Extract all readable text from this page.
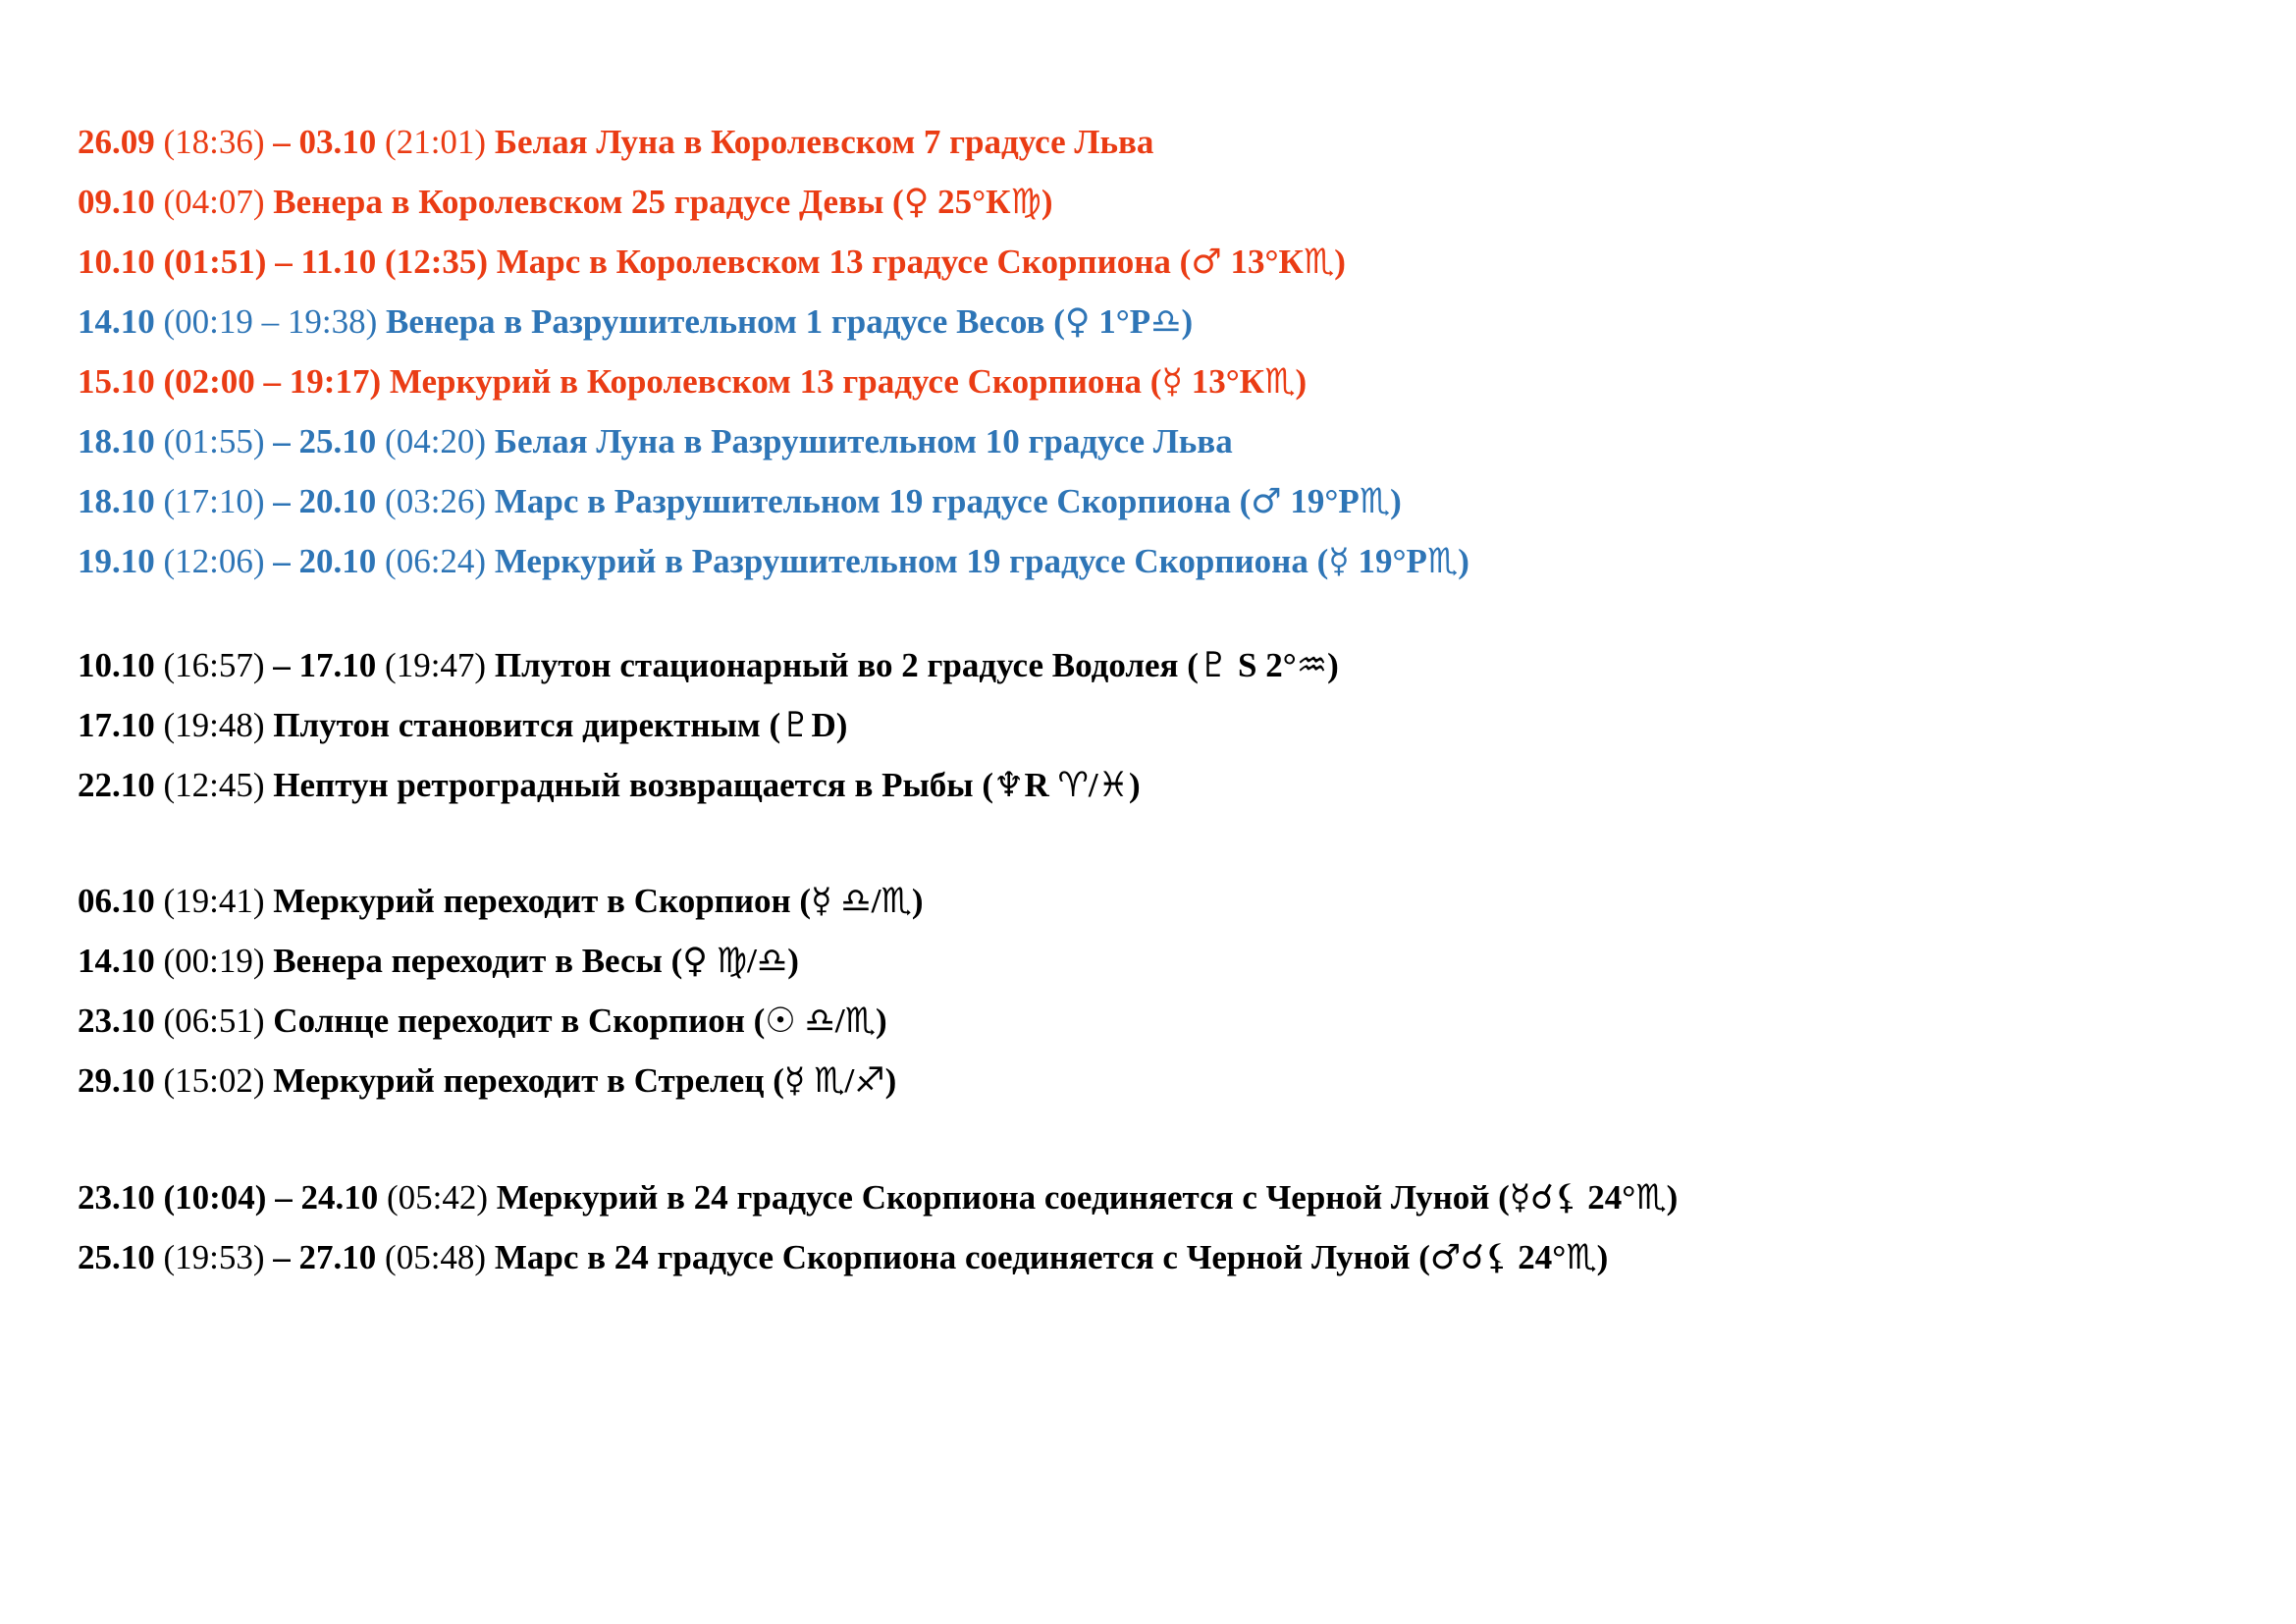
26.09 (18:36) – 03.10 (21:01) Белая Луна в Королевском 7 градусе Льва
09.10 (04:07) Венера в Королевском 25 градусе Девы (♀ 25°К♍)
10.10 (01:51) – 11.10 (12:35) Марс в Королевском 13 градусе Скорпиона (♂ 13°К♏)
14.10 (00:19 – 19:38) Венера в Разрушительном 1 градусе Весов (♀ 1°Р♎)
15.10 (02:00 – 19:17) Меркурий в Королевском 13 градусе Скорпиона (☿ 13°К♏)
18.10 (01:55) – 25.10 (04:20) Белая Луна в Разрушительном 10 градусе Льва
18.10 (17:10) – 20.10 (03:26) Марс в Разрушительном 19 градусе Скорпиона (♂ 19°Р♏)
19.10 (12:06) – 20.10 (06:24) Меркурий в Разрушительном 19 градусе Скорпиона (☿ 19°Р♏)
10.10 (16:57) – 17.10 (19:47) Плутон стационарный во 2 градусе Водолея (♇ S 2°♒)
17.10 (19:48) Плутон становится директным (♇D)
22.10 (12:45) Нептун ретроградный возвращается в Рыбы (♆R ♈/♓)
06.10 (19:41) Меркурий переходит в Скорпион (☿ ♎/♏)
14.10 (00:19) Венера переходит в Весы (♀ ♍/♎)
23.10 (06:51) Солнце переходит в Скорпион (☉ ♎/♏)
29.10 (15:02) Меркурий переходит в Стрелец (☿ ♏/♐)
23.10 (10:04) – 24.10 (05:42) Меркурий в 24 градусе Скорпиона соединяется с Черной Луной (☿☌⚸ 24°♏)
25.10 (19:53) – 27.10 (05:48) Марс в 24 градусе Скорпиона соединяется с Черной Луной (♂☌⚸ 24°♏)
